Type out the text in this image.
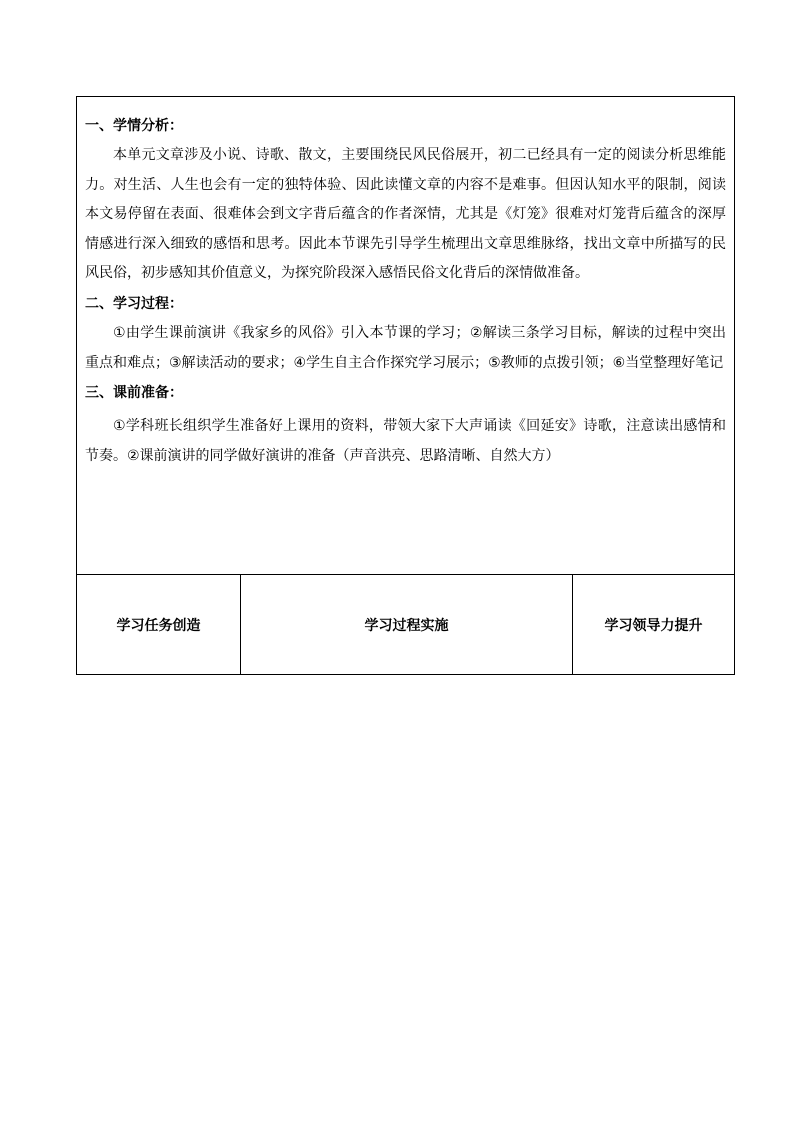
一、学情分析：

本单元文章涉及小说、诗歌、散文，主要围绕民风民俗展开，初二已经具有一定的阅读分析思维能力。对生活、人生也会有一定的独特体验、因此读懂文章的内容不是难事。但因认知水平的限制，阅读本文易停留在表面、很难体会到文字背后蕴含的作者深情，尤其是《灯笼》很难对灯笼背后蕴含的深厚情感进行深入细致的感悟和思考。因此本节课先引导学生梳理出文章思维脉络，找出文章中所描写的民风民俗，初步感知其价值意义，为探究阶段深入感悟民俗文化背后的深情做准备。

二、学习过程：

①由学生课前演讲《我家乡的风俗》引入本节课的学习；②解读三条学习目标，解读的过程中突出重点和难点；③解读活动的要求；④学生自主合作探究学习展示；⑤教师的点拨引领；⑥当堂整理好笔记

三、课前准备：

①学科班长组织学生准备好上课用的资料，带领大家下大声诵读《回延安》诗歌，注意读出感情和节奏。②课前演讲的同学做好演讲的准备（声音洪亮、思路清晰、自然大方）

学习任务创造	学习过程实施	学习领导力提升
